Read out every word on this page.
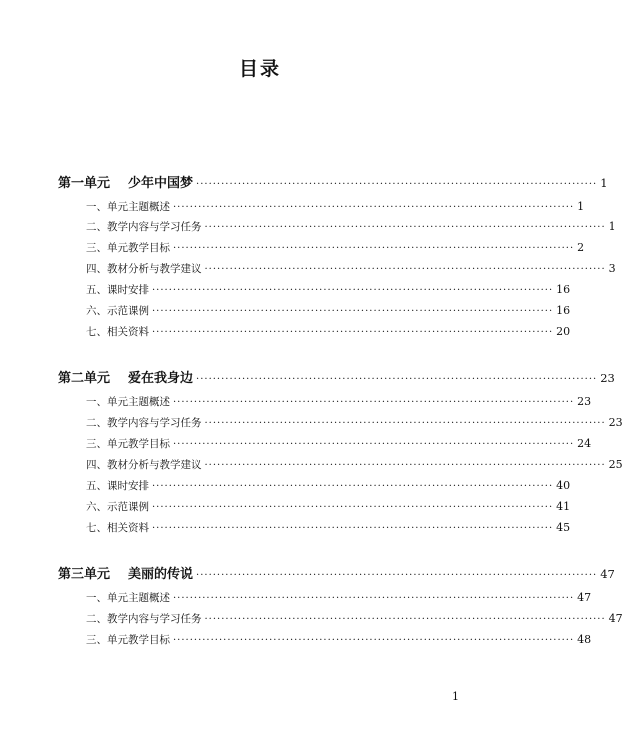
目录
第一单元 少年中国梦 ································································································ 1
一、单元主题概述 ································································································ 1
二、教学内容与学习任务 ································································································ 1
三、单元教学目标 ································································································ 2
四、教材分析与教学建议 ································································································ 3
五、课时安排 ································································································ 16
六、示范课例 ································································································ 16
七、相关资料 ································································································ 20
第二单元 爱在我身边 ································································································ 23
一、单元主题概述 ································································································ 23
二、教学内容与学习任务 ································································································ 23
三、单元教学目标 ································································································ 24
四、教材分析与教学建议 ································································································ 25
五、课时安排 ································································································ 40
六、示范课例 ································································································ 41
七、相关资料 ································································································ 45
第三单元 美丽的传说 ································································································ 47
一、单元主题概述 ································································································ 47
二、教学内容与学习任务 ································································································ 47
三、单元教学目标 ································································································ 48
1
